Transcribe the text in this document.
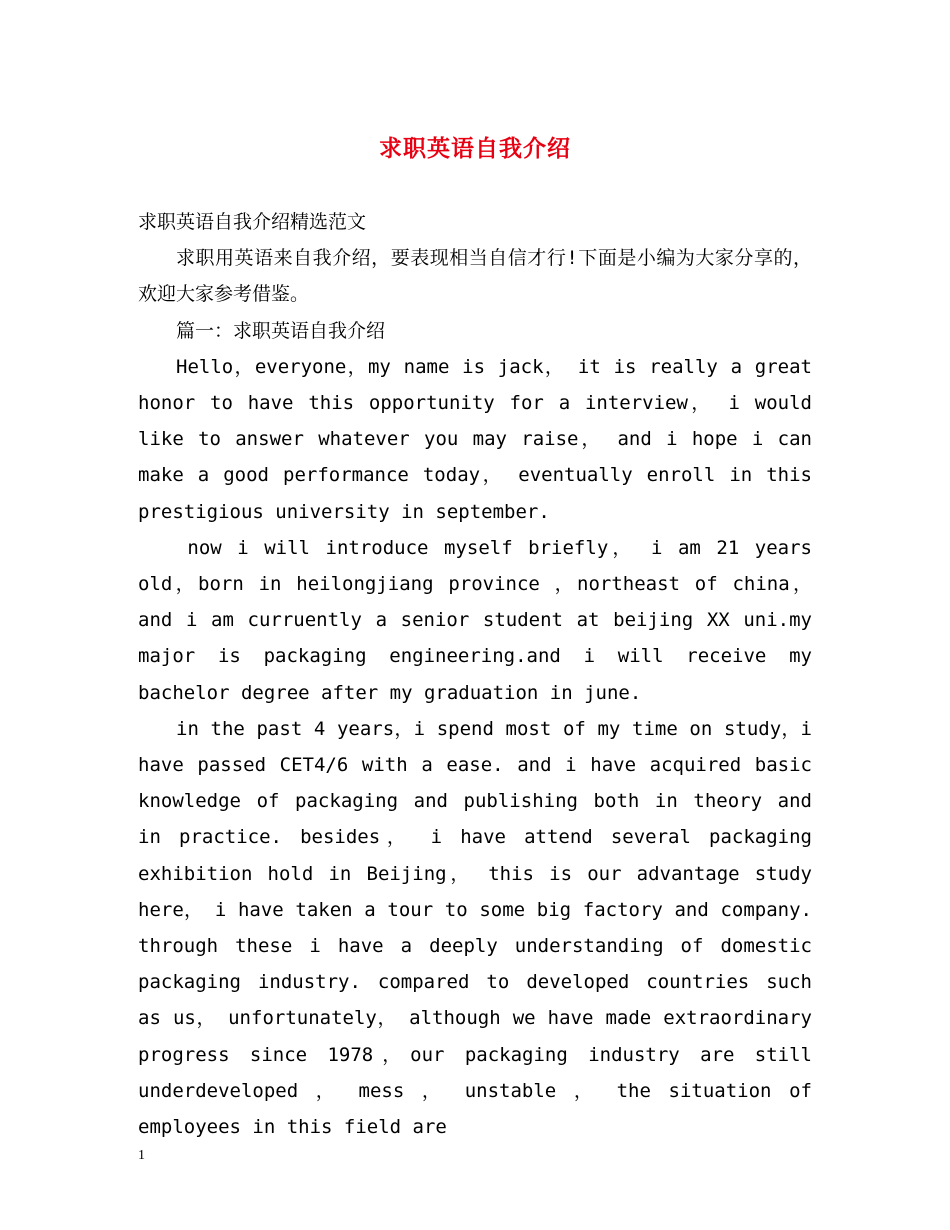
求职英语自我介绍

求职英语自我介绍精选范文

求职用英语来自我介绍，要表现相当自信才行!下面是小编为大家分享的，欢迎大家参考借鉴。

篇一：求职英语自我介绍

Hello，everyone，my name is jack， it is really a great honor to have this opportunity for a interview， i would like to answer whatever you may raise， and i hope i can make a good performance today， eventually enroll in this prestigious university in september.

now i will introduce myself briefly， i am 21 years old，born in heilongjiang province ，northeast of china，and i am curruently a senior student at beijing XX uni.my major is packaging engineering.and i will receive my bachelor degree after my graduation in june.

in the past 4 years，i spend most of my time on study，i have passed CET4/6 with a ease. and i have acquired basic knowledge of packaging and publishing both in theory and in practice. besides， i have attend several packaging exhibition hold in Beijing， this is our advantage study here， i have taken a tour to some big factory and company. through these i have a deeply understanding of domestic packaging industry. compared to developed countries such as us， unfortunately， although we have made extraordinary progress since 1978，our packaging industry are still underdeveloped ， mess ， unstable ， the situation of employees in this field are

1
